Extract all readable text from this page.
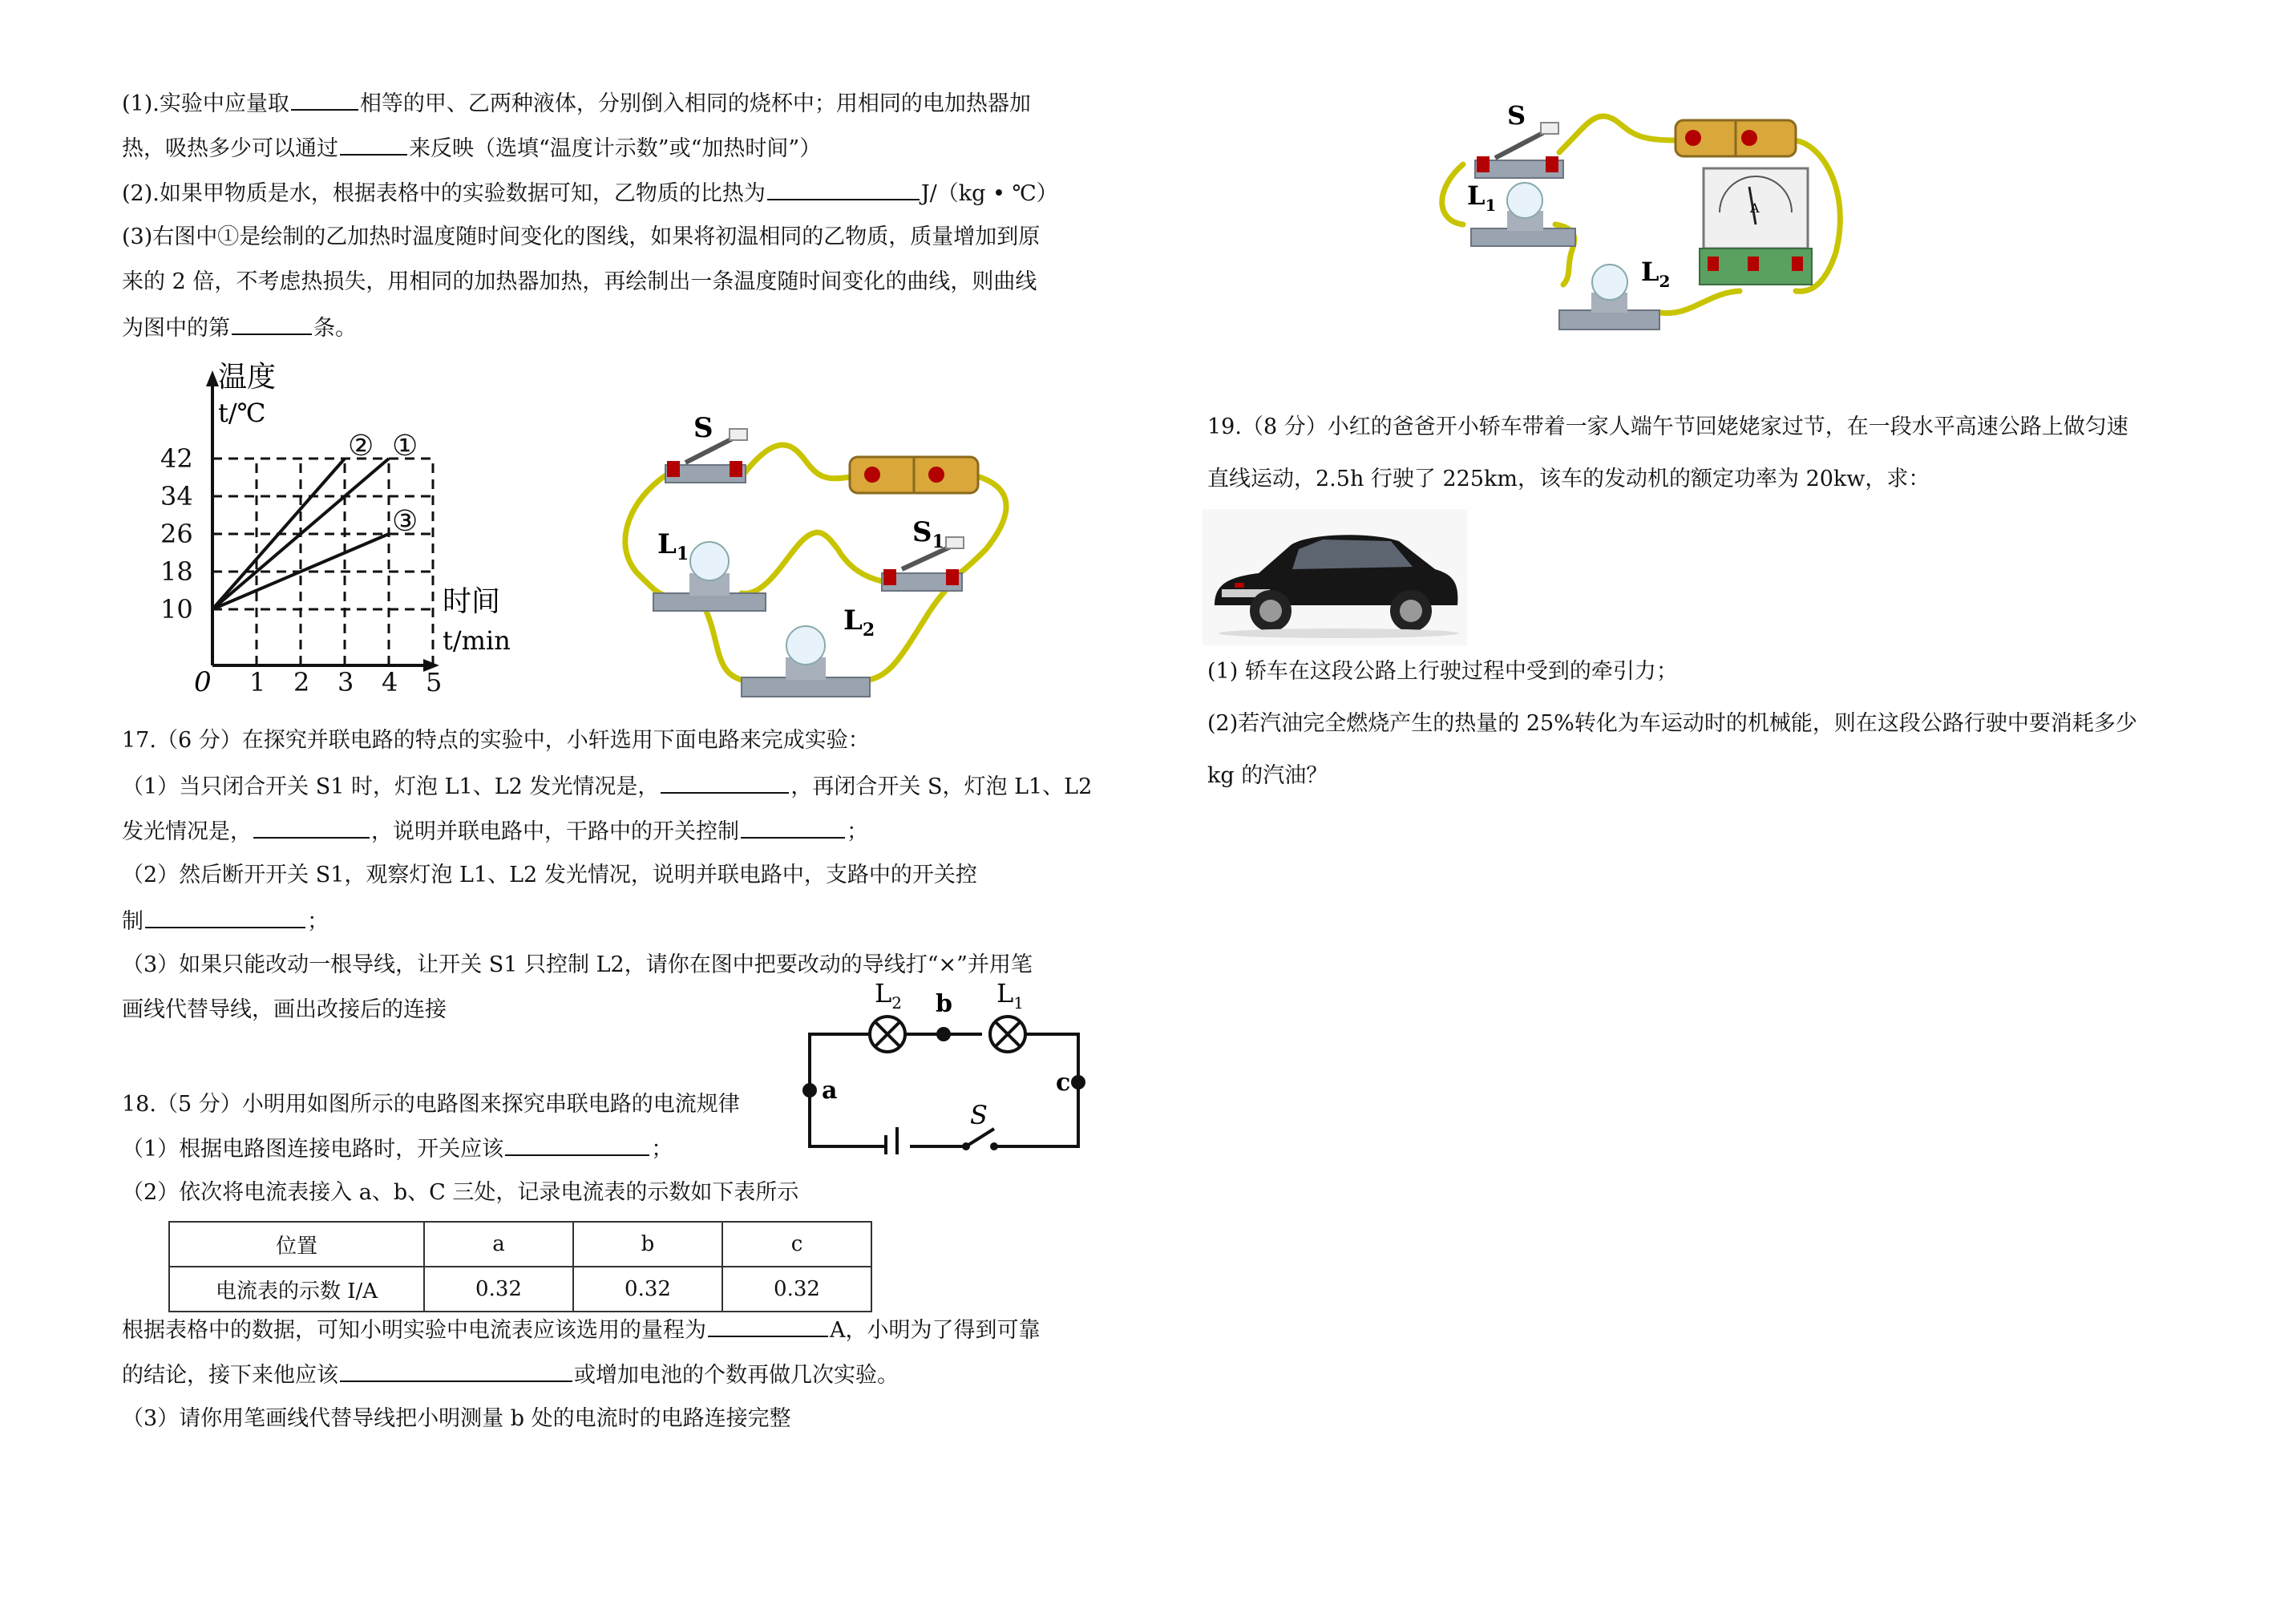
(1).实验中应量取	相等的甲、乙两种液体，分别倒入相同的烧杯中；用相同的电加热器加
热，吸热多少可以通过	来反映（选填“温度计示数”或“加热时间”）
(2).如果甲物质是水，根据表格中的实验数据可知，乙物质的比热为	J/（kg • ℃）
(3)右图中①是绘制的乙加热时温度随时间变化的图线，如果将初温相同的乙物质，质量增加到原
来的 2 倍，不考虑热损失，用相同的加热器加热，再绘制出一条温度随时间变化的曲线，则曲线
为图中的第	条。
①
②
③
1 2 3 4 5
10
18
26
34
42
温度
t/℃
时间
t/min
0
S
$L_1$
$S_1$
$L_2$
17.（6 分）在探究并联电路的特点的实验中，小轩选用下面电路来完成实验：
（1）当只闭合开关 S1 时，灯泡 L1、L2 发光情况是，	，再闭合开关 S，灯泡 L1、L2
发光情况是，	，说明并联电路中，干路中的开关控制	；
（2）然后断开开关 S1，观察灯泡 L1、L2 发光情况，说明并联电路中，支路中的开关控
制	；
（3）如果只能改动一根导线，让开关 S1 只控制 L2，请你在图中把要改动的导线打“×”并用笔
画线代替导线，画出改接后的连接
$L_2$ b $L_1$
a	c
S
18.（5 分）小明用如图所示的电路图来探究串联电路的电流规律
（1）根据电路图连接电路时，开关应该	；
（2）依次将电流表接入 a、b、C 三处，记录电流表的示数如下表所示
位置	a	b	c
电流表的示数 I/A	0.32	0.32	0.32
根据表格中的数据，可知小明实验中电流表应该选用的量程为	A，小明为了得到可靠
的结论，接下来他应该	或增加电池的个数再做几次实验。
（3）请你用笔画线代替导线把小明测量 b 处的电流时的电路连接完整
S
$L_1$	A
$L_2$
19.（8 分）小红的爸爸开小轿车带着一家人端午节回姥姥家过节，在一段水平高速公路上做匀速
直线运动，2.5h 行驶了 225km，该车的发动机的额定功率为 20kw，求：
(1) 轿车在这段公路上行驶过程中受到的牵引力；
(2)若汽油完全燃烧产生的热量的 25%转化为车运动时的机械能，则在这段公路行驶中要消耗多少
kg 的汽油？
